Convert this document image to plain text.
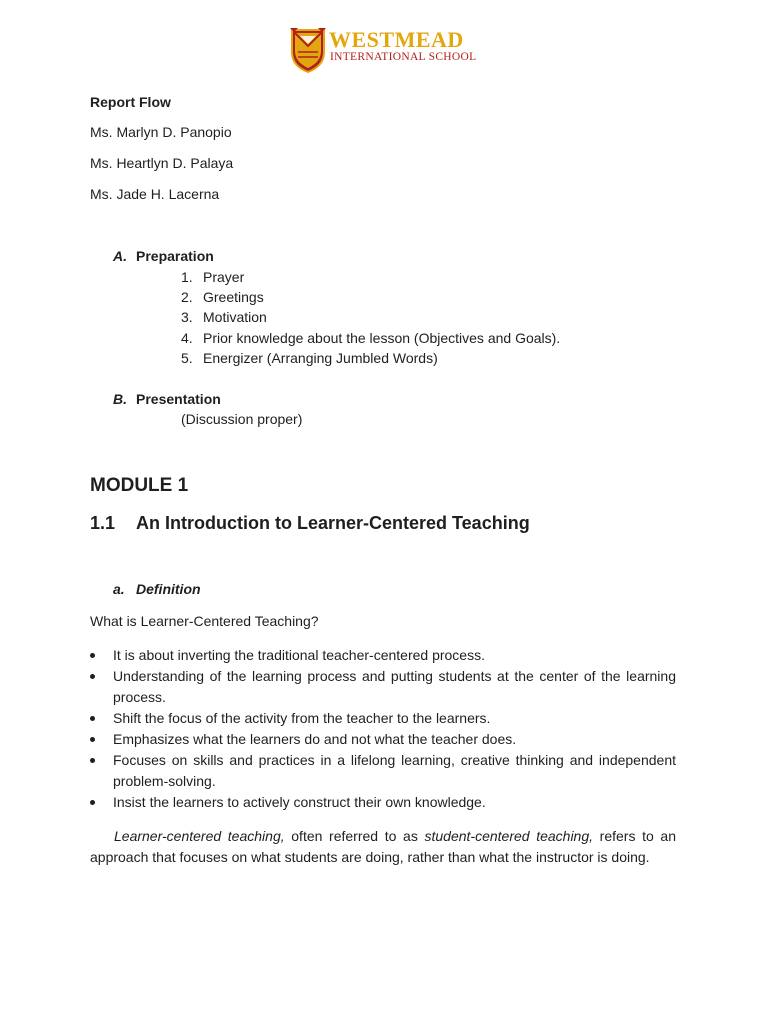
WESTMEAD
INTERNATIONAL SCHOOL
Report Flow
Ms. Marlyn D. Panopio
Ms. Heartlyn D. Palaya
Ms. Jade H. Lacerna
A. Preparation
1. Prayer
2. Greetings
3. Motivation
4. Prior knowledge about the lesson (Objectives and Goals).
5. Energizer (Arranging Jumbled Words)
B. Presentation
(Discussion proper)
MODULE 1
1.1 An Introduction to Learner-Centered Teaching
a. Definition
What is Learner-Centered Teaching?
It is about inverting the traditional teacher-centered process.
Understanding of the learning process and putting students at the center of the learning process.
Shift the focus of the activity from the teacher to the learners.
Emphasizes what the learners do and not what the teacher does.
Focuses on skills and practices in a lifelong learning, creative thinking and independent problem-solving.
Insist the learners to actively construct their own knowledge.

Learner-centered teaching, often referred to as student-centered teaching, refers to an approach that focuses on what students are doing, rather than what the instructor is doing.
